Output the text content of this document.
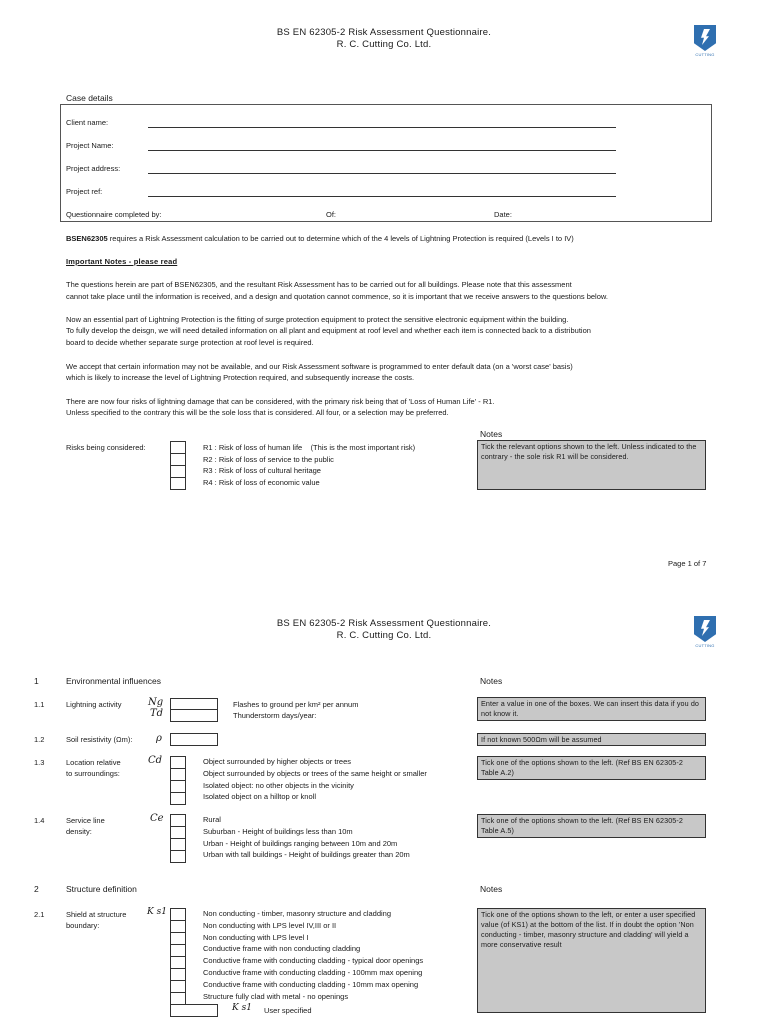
BS EN 62305-2 Risk Assessment Questionnaire.
R. C. Cutting Co. Ltd.
CUTTING
Case details
Client name:
Project Name:
Project address:
Project ref:
Questionnaire completed by:	Of:	Date:
BSEN62305 requires a Risk Assessment calculation to be carried out to determine which of the 4 levels of Lightning Protection is required (Levels I to IV)
Important Notes - please read
The questions herein are part of BSEN62305, and the resultant Risk Assessment has to be carried out for all buildings. Please note that this assessment
cannot take place until the information is received, and a design and quotation cannot commence, so it is important that we receive answers to the questions below.
Now an essential part of Lightning Protection is the fitting of surge protection equipment to protect the sensitive electronic equipment within the building.
To fully develop the deisgn, we will need detailed information on all plant and equipment at roof level and whether each item is connected back to a distribution
board to decide whether separate surge protection at roof level is required.
We accept that certain information may not be available, and our Risk Assessment software is programmed to enter default data (on a 'worst case' basis)
which is likely to increase the level of Lightning Protection required, and subsequently increase the costs.
There are now four risks of lightning damage that can be considered, with the primary risk being that of 'Loss of Human Life' - R1.
Unless specified to the contrary this will be the sole loss that is considered. All four, or a selection may be preferred.
Risks being considered:	R1 : Risk of loss of human life (This is the most important risk)
R2 : Risk of loss of service to the public
R3 : Risk of loss of cultural heritage
R4 : Risk of loss of economic value
Notes
Tick the relevant options shown to the left. Unless indicated to the contrary - the sole risk R1 will be considered.
Page 1 of 7
BS EN 62305-2 Risk Assessment Questionnaire.
R. C. Cutting Co. Ltd.
CUTTING
1	Environmental influences	Notes
1.1	Lightning activity	Ng
Td
Flashes to ground per km² per annum
Thunderstorm days/year:
Enter a value in one of the boxes. We can insert this data if you do not know it.
1.2	Soil resistivity (Ωm): ρ	If not known 500Ωm will be assumed
1.3	Location relative
to surroundings:
Cd	Object surrounded by higher objects or trees
Object surrounded by objects or trees of the same height or smaller
Isolated object: no other objects in the vicinity
Isolated object on a hilltop or knoll
Tick one of the options shown to the left. (Ref BS EN 62305-2 Table A.2)
1.4	Service line
density:
Ce	Rural
Suburban - Height of buildings less than 10m
Urban - Height of buildings ranging between 10m and 20m
Urban with tall buildings - Height of buildings greater than 20m
Tick one of the options shown to the left. (Ref BS EN 62305-2 Table A.5)
2	Structure definition	Notes
2.1	Shield at structure
boundary:
K s1	Non conducting - timber, masonry structure and cladding
Non conducting with LPS level IV,III or II
Non conducting with LPS level I
Conductive frame with non conducting cladding
Conductive frame with conducting cladding - typical door openings
Conductive frame with conducting cladding - 100mm max opening
Conductive frame with conducting cladding - 10mm max opening
Structure fully clad with metal - no openings
K s1 User specified
Tick one of the options shown to the left, or enter a user specified value (of KS1) at the bottom of the list. If in doubt the option 'Non conducting - timber, masonry structure and cladding' will yield a more conservative result
